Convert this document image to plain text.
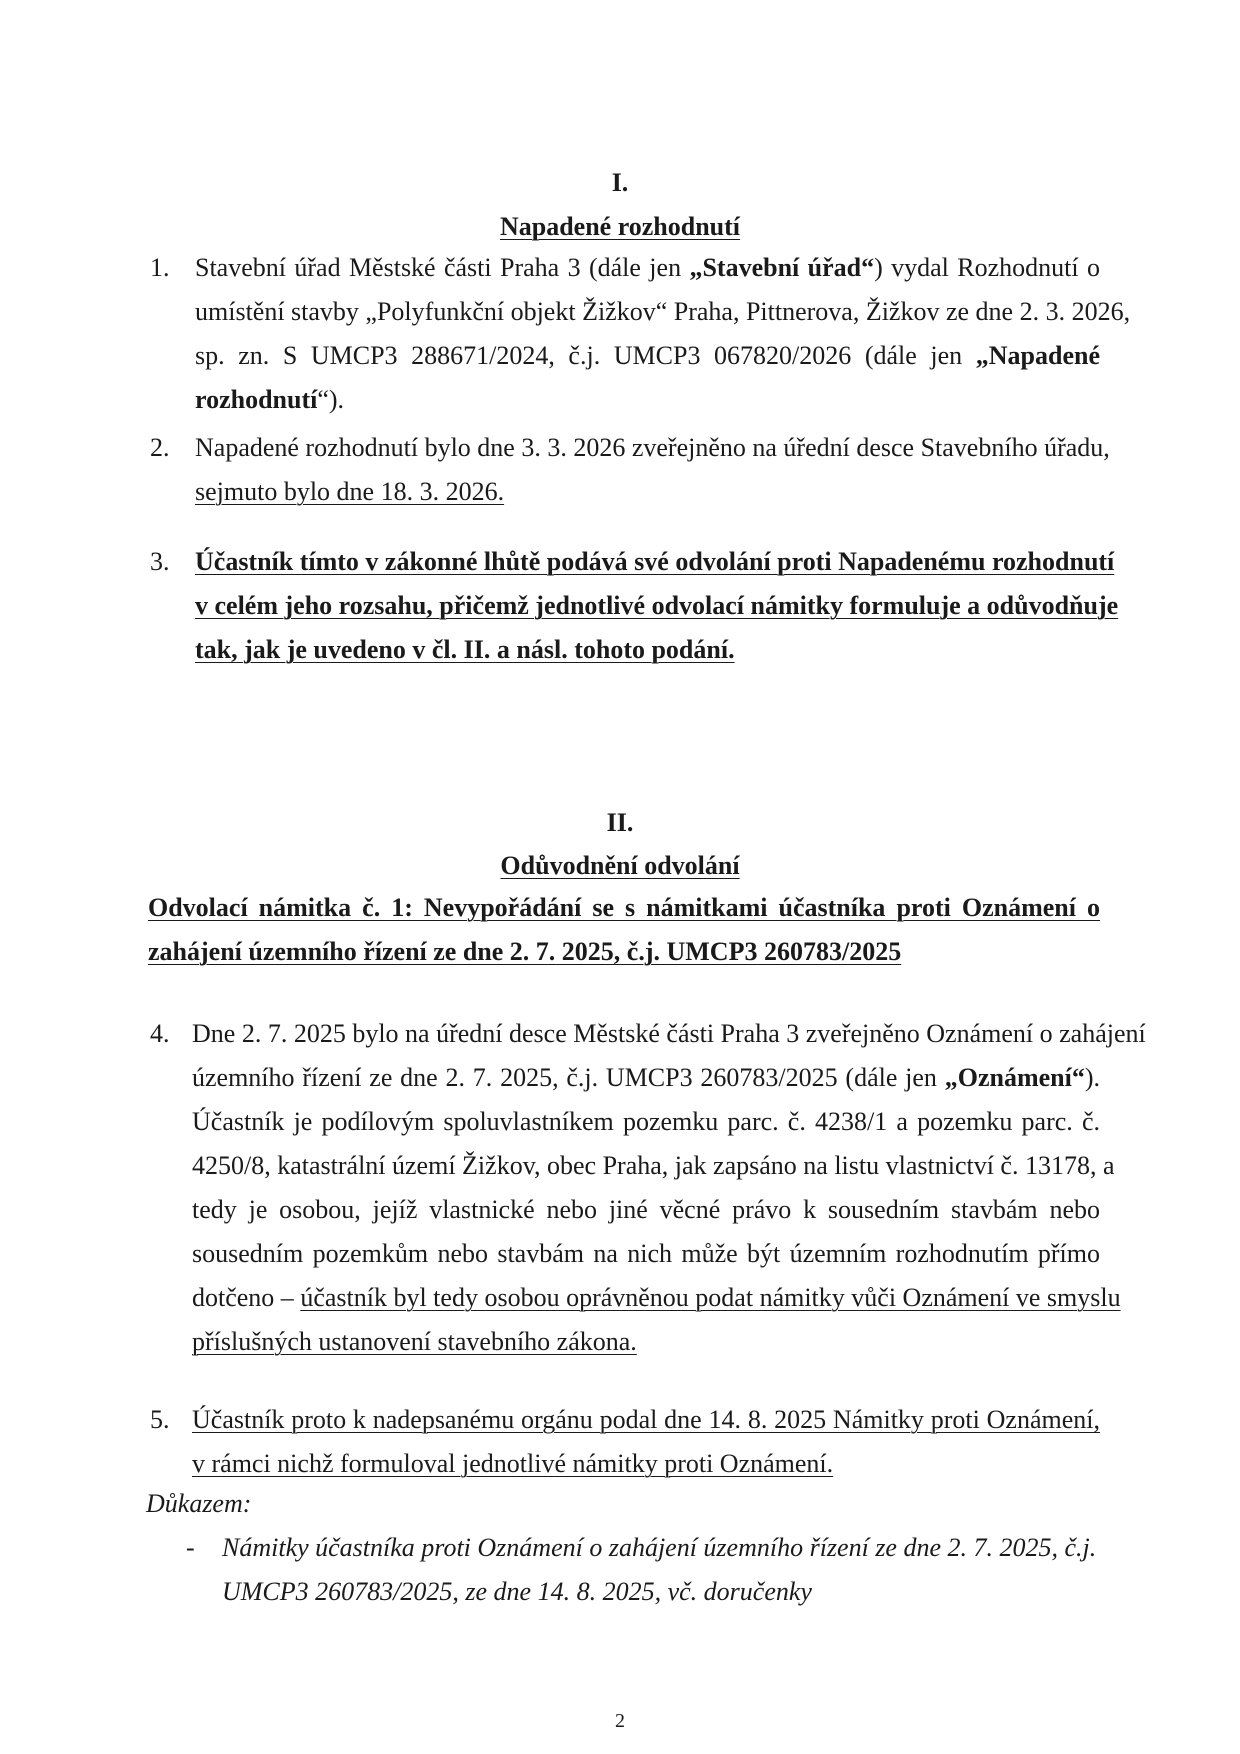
I.
Napadené rozhodnutí
1. Stavební úřad Městské části Praha 3 (dále jen „Stavební úřad“) vydal Rozhodnutí o
umístění stavby „Polyfunkční objekt Žižkov“ Praha, Pittnerova, Žižkov ze dne 2. 3. 2026,
sp. zn. S UMCP3 288671/2024, č.j. UMCP3 067820/2026 (dále jen „Napadené
rozhodnutí“).
2. Napadené rozhodnutí bylo dne 3. 3. 2026 zveřejněno na úřední desce Stavebního úřadu,
sejmuto bylo dne 18. 3. 2026.
3. Účastník tímto v zákonné lhůtě podává své odvolání proti Napadenému rozhodnutí
v celém jeho rozsahu, přičemž jednotlivé odvolací námitky formuluje a odůvodňuje
tak, jak je uvedeno v čl. II. a násl. tohoto podání.
II.
Odůvodnění odvolání
Odvolací námitka č. 1: Nevypořádání se s námitkami účastníka proti Oznámení o
zahájení územního řízení ze dne 2. 7. 2025, č.j. UMCP3 260783/2025
4. Dne 2. 7. 2025 bylo na úřední desce Městské části Praha 3 zveřejněno Oznámení o zahájení
územního řízení ze dne 2. 7. 2025, č.j. UMCP3 260783/2025 (dále jen „Oznámení“).
Účastník je podílovým spoluvlastníkem pozemku parc. č. 4238/1 a pozemku parc. č.
4250/8, katastrální území Žižkov, obec Praha, jak zapsáno na listu vlastnictví č. 13178, a
tedy je osobou, jejíž vlastnické nebo jiné věcné právo k sousedním stavbám nebo
sousedním pozemkům nebo stavbám na nich může být územním rozhodnutím přímo
dotčeno – účastník byl tedy osobou oprávněnou podat námitky vůči Oznámení ve smyslu
příslušných ustanovení stavebního zákona.
5. Účastník proto k nadepsanému orgánu podal dne 14. 8. 2025 Námitky proti Oznámení,
v rámci nichž formuloval jednotlivé námitky proti Oznámení.
Důkazem:
- Námitky účastníka proti Oznámení o zahájení územního řízení ze dne 2. 7. 2025, č.j.
UMCP3 260783/2025, ze dne 14. 8. 2025, vč. doručenky
2
